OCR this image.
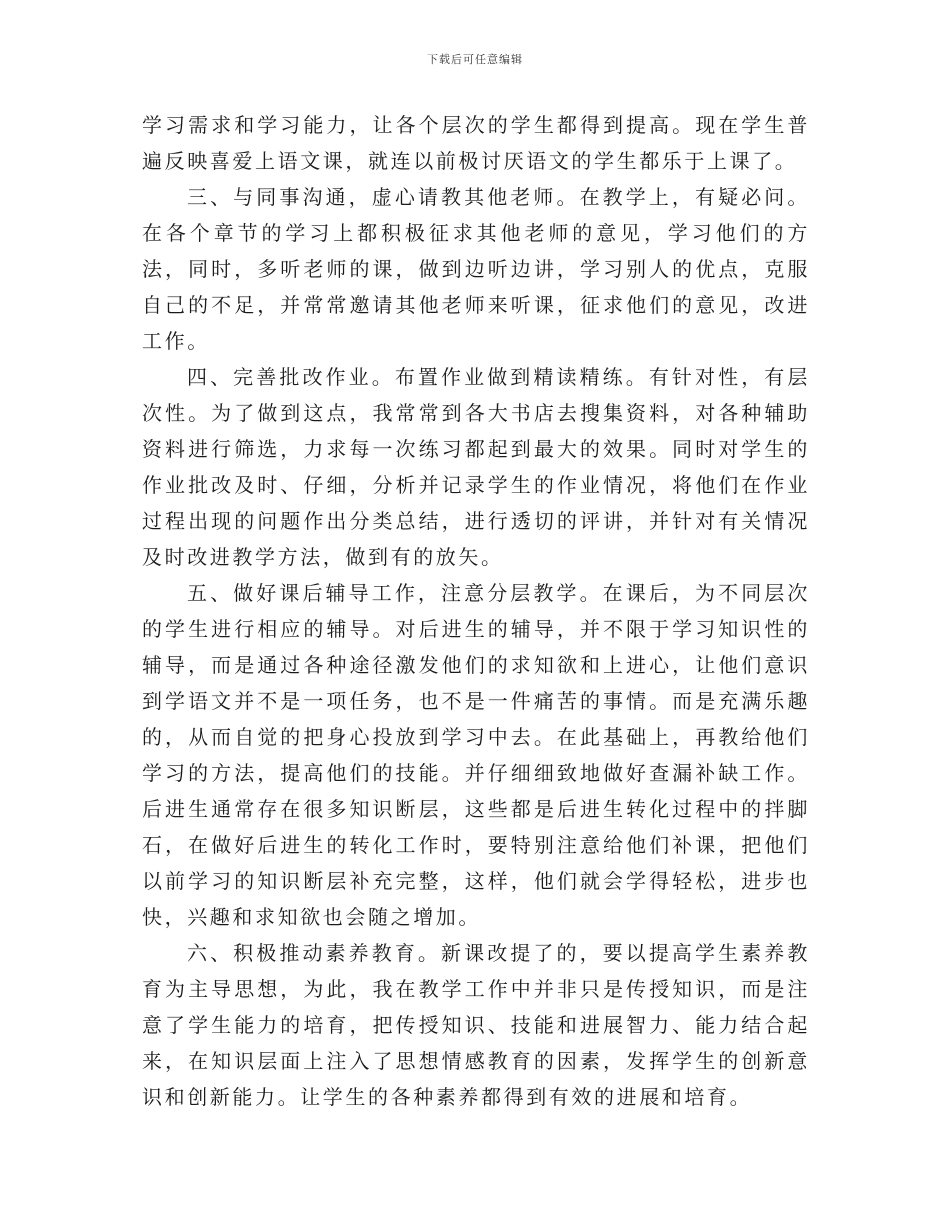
下载后可任意编辑

学习需求和学习能力，让各个层次的学生都得到提高。现在学生普遍反映喜爱上语文课，就连以前极讨厌语文的学生都乐于上课了。

三、与同事沟通，虚心请教其他老师。在教学上，有疑必问。在各个章节的学习上都积极征求其他老师的意见，学习他们的方法，同时，多听老师的课，做到边听边讲，学习别人的优点，克服自己的不足，并常常邀请其他老师来听课，征求他们的意见，改进工作。

四、完善批改作业。布置作业做到精读精练。有针对性，有层次性。为了做到这点，我常常到各大书店去搜集资料，对各种辅助资料进行筛选，力求每一次练习都起到最大的效果。同时对学生的作业批改及时、仔细，分析并记录学生的作业情况，将他们在作业过程出现的问题作出分类总结，进行透切的评讲，并针对有关情况及时改进教学方法，做到有的放矢。

五、做好课后辅导工作，注意分层教学。在课后，为不同层次的学生进行相应的辅导。对后进生的辅导，并不限于学习知识性的辅导，而是通过各种途径激发他们的求知欲和上进心，让他们意识到学语文并不是一项任务，也不是一件痛苦的事情。而是充满乐趣的，从而自觉的把身心投放到学习中去。在此基础上，再教给他们学习的方法，提高他们的技能。并仔细细致地做好查漏补缺工作。后进生通常存在很多知识断层，这些都是后进生转化过程中的拌脚石，在做好后进生的转化工作时，要特别注意给他们补课，把他们以前学习的知识断层补充完整，这样，他们就会学得轻松，进步也快，兴趣和求知欲也会随之增加。

六、积极推动素养教育。新课改提了的，要以提高学生素养教育为主导思想，为此，我在教学工作中并非只是传授知识，而是注意了学生能力的培育，把传授知识、技能和进展智力、能力结合起来，在知识层面上注入了思想情感教育的因素，发挥学生的创新意识和创新能力。让学生的各种素养都得到有效的进展和培育。
